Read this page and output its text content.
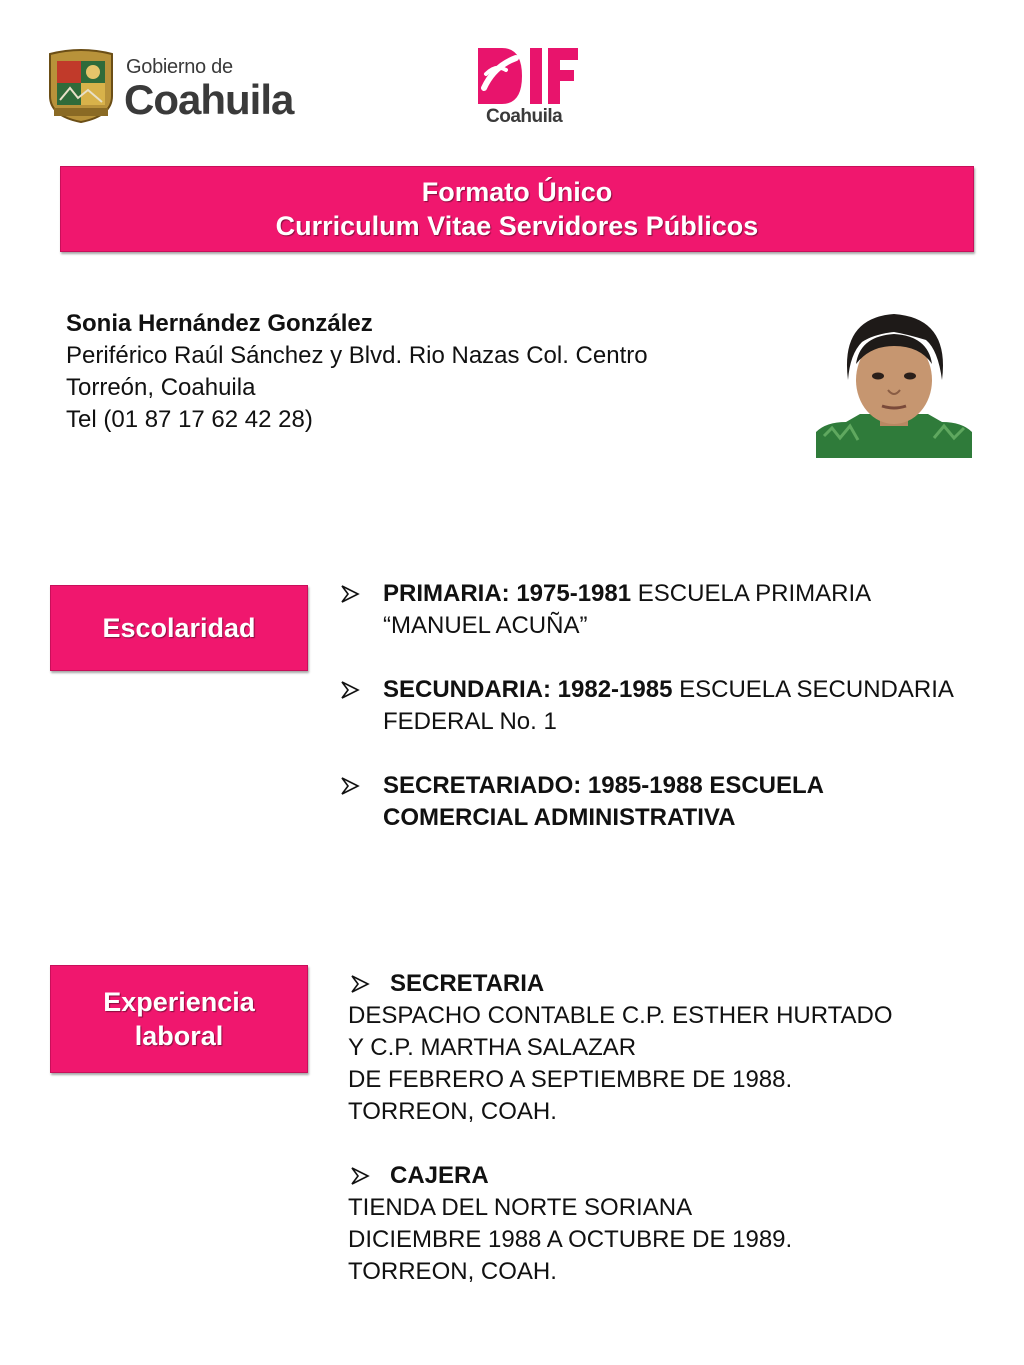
Gobierno de
Coahuila
DIF
Coahuila
Formato Único
Curriculum Vitae Servidores Públicos
Sonia Hernández González
Periférico Raúl Sánchez y Blvd. Rio Nazas Col. Centro
Torreón, Coahuila
Tel (01 87 17 62 42 28)
Escolaridad
PRIMARIA: 1975-1981 ESCUELA PRIMARIA “MANUEL ACUÑA”
SECUNDARIA: 1982-1985 ESCUELA SECUNDARIA FEDERAL No. 1
SECRETARIADO: 1985-1988 ESCUELA COMERCIAL ADMINISTRATIVA
Experiencia
laboral
SECRETARIA
DESPACHO CONTABLE C.P. ESTHER HURTADO
Y C.P. MARTHA SALAZAR
DE FEBRERO A SEPTIEMBRE DE 1988.
TORREON, COAH.
CAJERA
TIENDA DEL NORTE SORIANA
DICIEMBRE 1988 A OCTUBRE DE 1989.
TORREON, COAH.
